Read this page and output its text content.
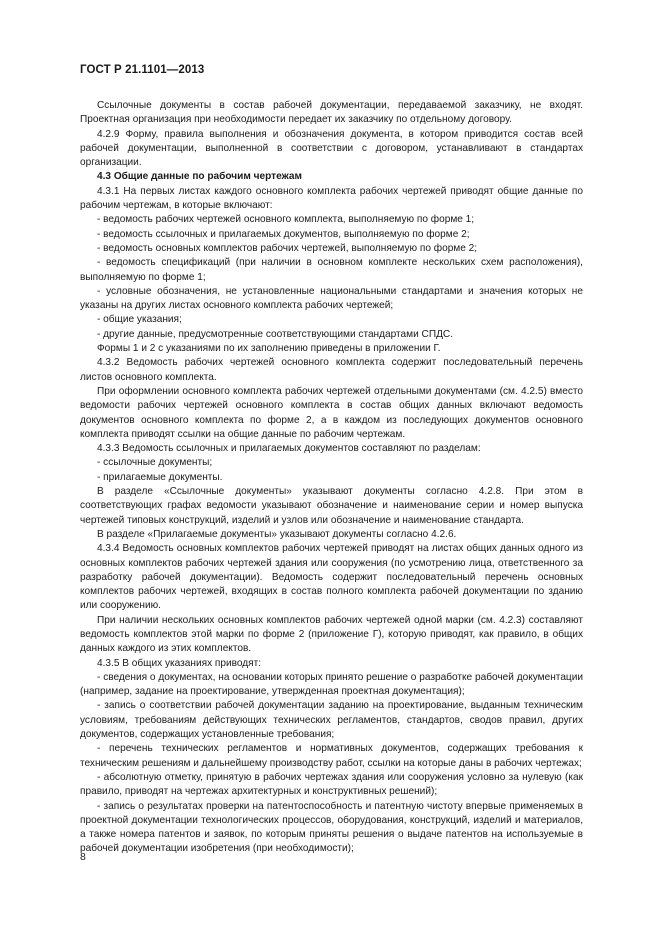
ГОСТ Р 21.1101—2013

Ссылочные документы в состав рабочей документации, передаваемой заказчику, не входят. Проектная организация при необходимости передает их заказчику по отдельному договору.

4.2.9 Форму, правила выполнения и обозначения документа, в котором приводится состав всей рабочей документации, выполненной в соответствии с договором, устанавливают в стандартах организации.

4.3 Общие данные по рабочим чертежам

4.3.1 На первых листах каждого основного комплекта рабочих чертежей приводят общие данные по рабочим чертежам, в которые включают:

- ведомость рабочих чертежей основного комплекта, выполняемую по форме 1;

- ведомость ссылочных и прилагаемых документов, выполняемую по форме 2;

- ведомость основных комплектов рабочих чертежей, выполняемую по форме 2;

- ведомость спецификаций (при наличии в основном комплекте нескольких схем расположения), выполняемую по форме 1;

- условные обозначения, не установленные национальными стандартами и значения которых не указаны на других листах основного комплекта рабочих чертежей;

- общие указания;

- другие данные, предусмотренные соответствующими стандартами СПДС.

Формы 1 и 2 с указаниями по их заполнению приведены в приложении Г.

4.3.2 Ведомость рабочих чертежей основного комплекта содержит последовательный перечень листов основного комплекта.

При оформлении основного комплекта рабочих чертежей отдельными документами (см. 4.2.5) вместо ведомости рабочих чертежей основного комплекта в состав общих данных включают ведомость документов основного комплекта по форме 2, а в каждом из последующих документов основного комплекта приводят ссылки на общие данные по рабочим чертежам.

4.3.3 Ведомость ссылочных и прилагаемых документов составляют по разделам:

- ссылочные документы;

- прилагаемые документы.

В разделе «Ссылочные документы» указывают документы согласно 4.2.8. При этом в соответствующих графах ведомости указывают обозначение и наименование серии и номер выпуска чертежей типовых конструкций, изделий и узлов или обозначение и наименование стандарта.

В разделе «Прилагаемые документы» указывают документы согласно 4.2.6.

4.3.4 Ведомость основных комплектов рабочих чертежей приводят на листах общих данных одного из основных комплектов рабочих чертежей здания или сооружения (по усмотрению лица, ответственного за разработку рабочей документации). Ведомость содержит последовательный перечень основных комплектов рабочих чертежей, входящих в состав полного комплекта рабочей документации по зданию или сооружению.

При наличии нескольких основных комплектов рабочих чертежей одной марки (см. 4.2.3) составляют ведомость комплектов этой марки по форме 2 (приложение Г), которую приводят, как правило, в общих данных каждого из этих комплектов.

4.3.5 В общих указаниях приводят:

- сведения о документах, на основании которых принято решение о разработке рабочей документации (например, задание на проектирование, утвержденная проектная документация);

- запись о соответствии рабочей документации заданию на проектирование, выданным техническим условиям, требованиям действующих технических регламентов, стандартов, сводов правил, других документов, содержащих установленные требования;

- перечень технических регламентов и нормативных документов, содержащих требования к техническим решениям и дальнейшему производству работ, ссылки на которые даны в рабочих чертежах;

- абсолютную отметку, принятую в рабочих чертежах здания или сооружения условно за нулевую (как правило, приводят на чертежах архитектурных и конструктивных решений);

- запись о результатах проверки на патентоспособность и патентную чистоту впервые применяемых в проектной документации технологических процессов, оборудования, конструкций, изделий и материалов, а также номера патентов и заявок, по которым приняты решения о выдаче патентов на используемые в рабочей документации изобретения (при необходимости);

8
